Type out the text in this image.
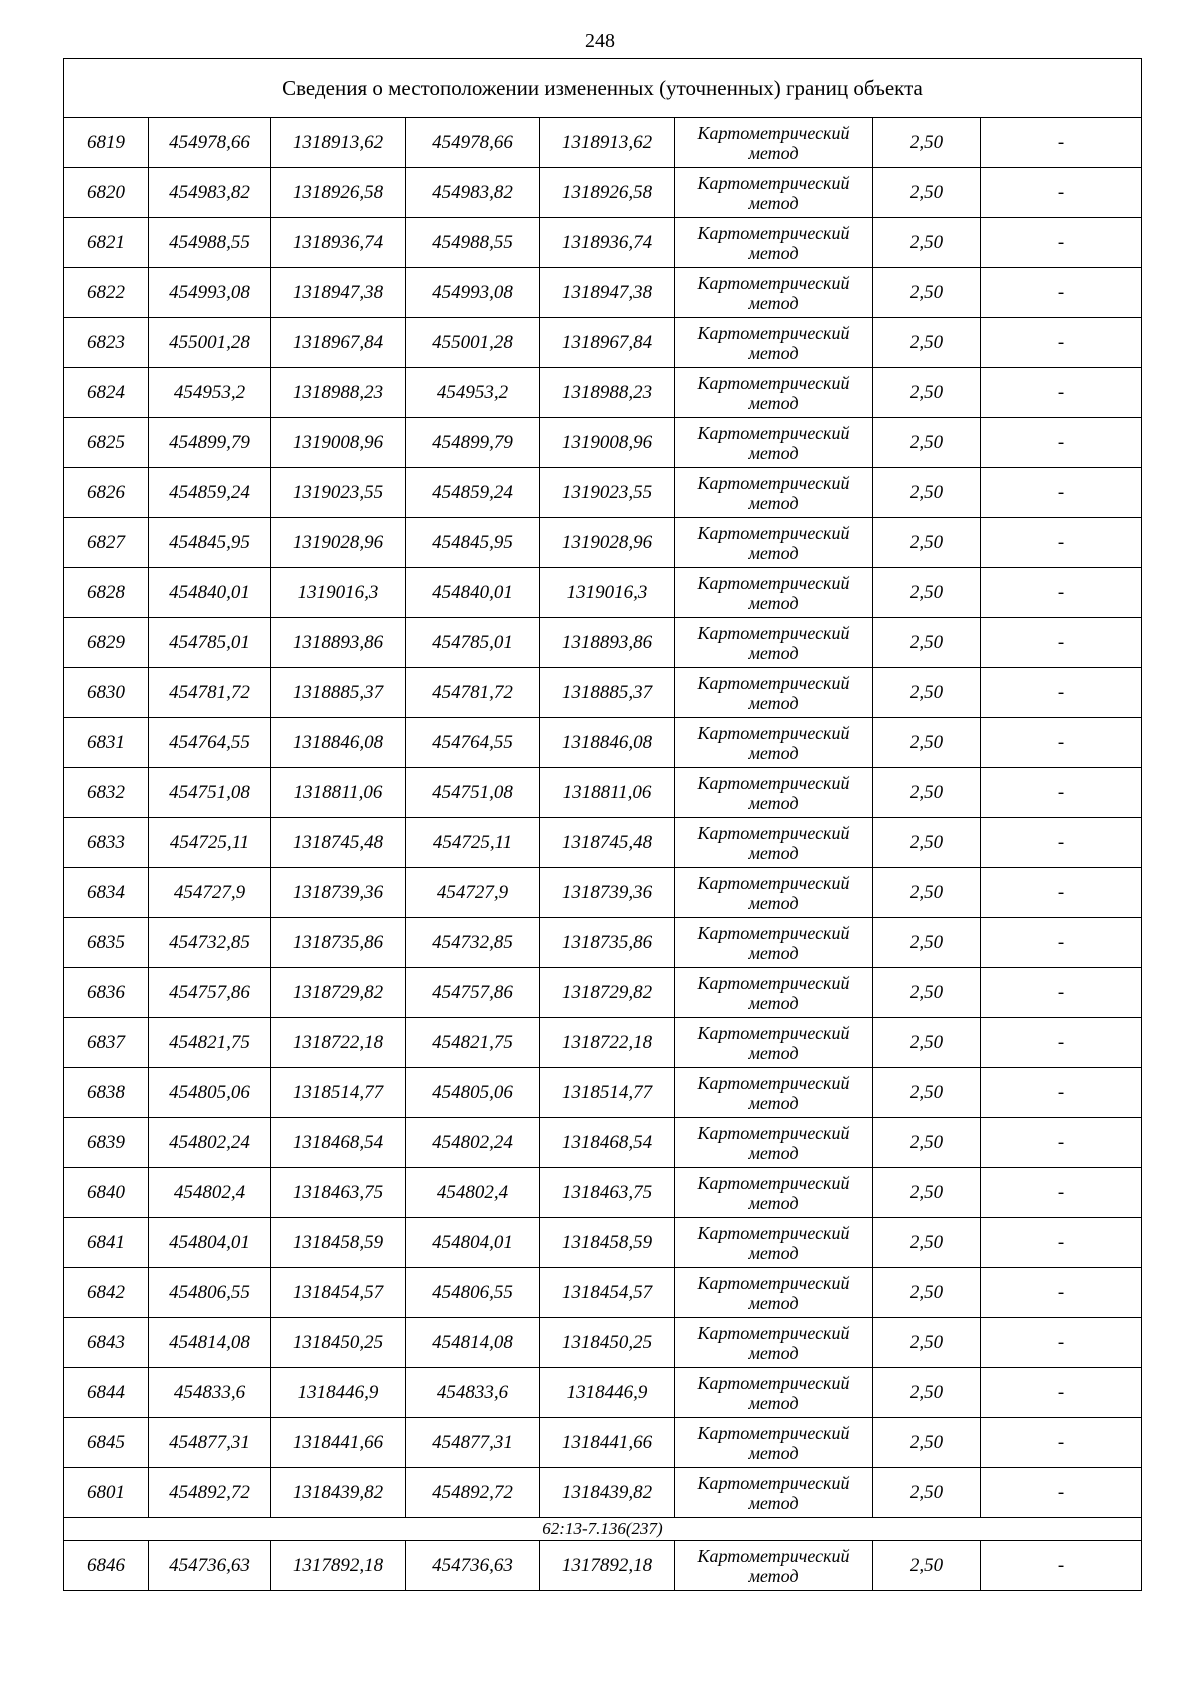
248
Сведения о местоположении измененных (уточненных) границ объекта							
6819	454978,66	1318913,62	454978,66	1318913,62	Картометрический метод	2,50	-
6820	454983,82	1318926,58	454983,82	1318926,58	Картометрический метод	2,50	-
6821	454988,55	1318936,74	454988,55	1318936,74	Картометрический метод	2,50	-
6822	454993,08	1318947,38	454993,08	1318947,38	Картометрический метод	2,50	-
6823	455001,28	1318967,84	455001,28	1318967,84	Картометрический метод	2,50	-
6824	454953,2	1318988,23	454953,2	1318988,23	Картометрический метод	2,50	-
6825	454899,79	1319008,96	454899,79	1319008,96	Картометрический метод	2,50	-
6826	454859,24	1319023,55	454859,24	1319023,55	Картометрический метод	2,50	-
6827	454845,95	1319028,96	454845,95	1319028,96	Картометрический метод	2,50	-
6828	454840,01	1319016,3	454840,01	1319016,3	Картометрический метод	2,50	-
6829	454785,01	1318893,86	454785,01	1318893,86	Картометрический метод	2,50	-
6830	454781,72	1318885,37	454781,72	1318885,37	Картометрический метод	2,50	-
6831	454764,55	1318846,08	454764,55	1318846,08	Картометрический метод	2,50	-
6832	454751,08	1318811,06	454751,08	1318811,06	Картометрический метод	2,50	-
6833	454725,11	1318745,48	454725,11	1318745,48	Картометрический метод	2,50	-
6834	454727,9	1318739,36	454727,9	1318739,36	Картометрический метод	2,50	-
6835	454732,85	1318735,86	454732,85	1318735,86	Картометрический метод	2,50	-
6836	454757,86	1318729,82	454757,86	1318729,82	Картометрический метод	2,50	-
6837	454821,75	1318722,18	454821,75	1318722,18	Картометрический метод	2,50	-
6838	454805,06	1318514,77	454805,06	1318514,77	Картометрический метод	2,50	-
6839	454802,24	1318468,54	454802,24	1318468,54	Картометрический метод	2,50	-
6840	454802,4	1318463,75	454802,4	1318463,75	Картометрический метод	2,50	-
6841	454804,01	1318458,59	454804,01	1318458,59	Картометрический метод	2,50	-
6842	454806,55	1318454,57	454806,55	1318454,57	Картометрический метод	2,50	-
6843	454814,08	1318450,25	454814,08	1318450,25	Картометрический метод	2,50	-
6844	454833,6	1318446,9	454833,6	1318446,9	Картометрический метод	2,50	-
6845	454877,31	1318441,66	454877,31	1318441,66	Картометрический метод	2,50	-
6801	454892,72	1318439,82	454892,72	1318439,82	Картометрический метод	2,50	-
62:13-7.136(237)							
6846	454736,63	1317892,18	454736,63	1317892,18	Картометрический метод	2,50	-
